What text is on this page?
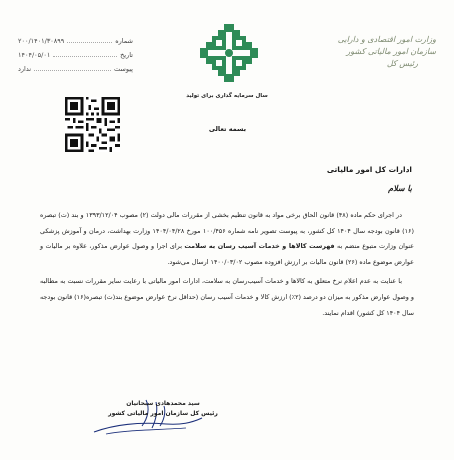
وزارت امور اقتصادی و دارایی
سازمان امور مالیاتی کشور
رئیس کل
شماره
۲۰۰/۱۴۰۱/۳۰۸۹۹
تاریخ
۱۴۰۴/۰۵/۰۱
پیوست
ندارد
سال سرمایه گذاری برای تولید
بسمه تعالی
ادارات کل امور مالیاتی
با سلام

در اجرای حکم ماده (۴۸) قانون الحاق برخی مواد به قانون تنظیم بخشی از مقررات مالی دولت (۲) مصوب ۱۳۹۳/۱۲/۰۴ و بند (ت) تبصره (۱۶) قانون بودجه سال ۱۴۰۴ کل کشور، به پیوست تصویر نامه شماره ۱۰۰/۴۵۶ مورخ ۱۴۰۴/۰۴/۲۸ وزارت بهداشت، درمان و آموزش پزشکی عنوان وزارت متبوع منضم به فهرست کالاها و خدمات آسیب رسان به سلامت برای اجرا و وصول عوارض مذکور، علاوه بر مالیات و عوارض موضوع ماده (۲۶) قانون مالیات بر ارزش افزوده مصوب ۱۴۰۰/۰۳/۰۲ ارسال می‌شود.

با عنایت به عدم اعلام نرخ متعلق به کالاها و خدمات آسیب‌رسان به سلامت، ادارات امور مالیاتی با رعایت سایر مقررات نسبت به مطالبه و وصول عوارض مذکور به میزان دو درصد (۲٪) ارزش کالا و خدمات آسیب رسان (حداقل نرخ عوارض موضوع بند(ت) تبصره(۱۶) قانون بودجه سال ۱۴۰۴ کل کشور) اقدام نمایند.

سید محمدهادی سبحانیان
رئیس کل سازمان امور مالیاتی کشور
